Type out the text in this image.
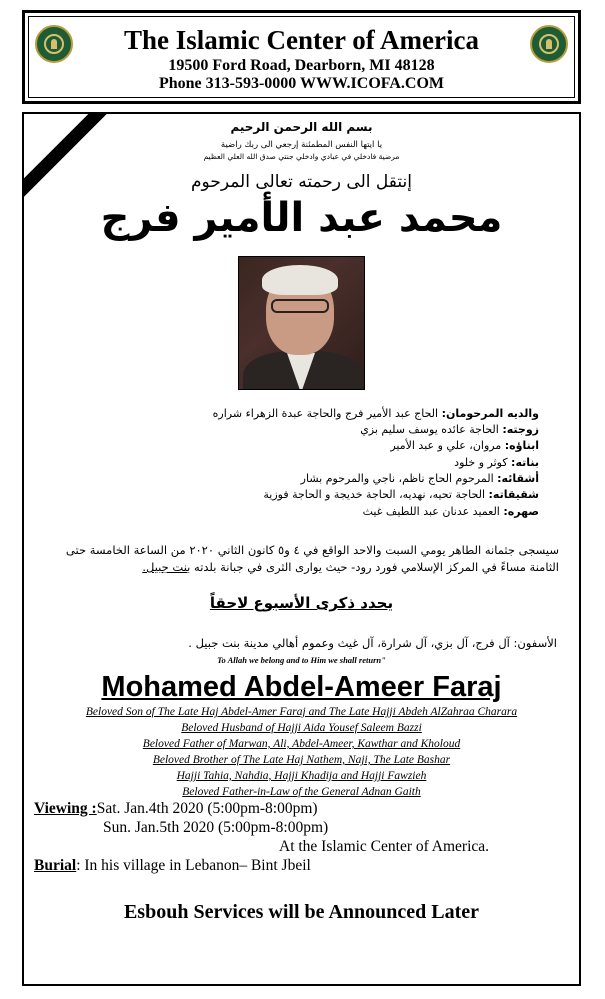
The Islamic Center of America
19500 Ford Road, Dearborn, MI 48128
Phone 313-593-0000 WWW.ICOFA.COM
بسم الله الرحمن الرحيم
يا ايتها النفس المطمئنة إرجعي الى ربك راضية
مرضية فادخلي في عبادي وادخلي جنتي صدق الله العلي العظيم
إنتقل الى رحمته تعالى المرحوم
محمد عبد الأمير فرج
والديه المرحومان: الحاج عبد الأمير فرج والحاجة عبدة الزهراء شراره
زوجته: الحاجة عائده يوسف سليم بزي
ابناؤه: مروان، علي و عبد الأمير
بناته: كوثر و خلود
أشقائه: المرحوم الحاج ناظم، ناجي والمرحوم بشار
شقيقاته: الحاجة تحيه، نهديه، الحاجة خديجة و الحاجة فوزية
صهره: العميد عدنان عبد اللطيف غيث
سيسجى جثمانه الطاهر يومي السبت والاحد الواقع في ٤ و٥ كانون الثاني ٢٠٢٠ من الساعة الخامسة حتى الثامنة مساءً في المركز الإسلامي فورد رود- حيث يوارى الثرى في جبانة بلدته بنت جبيل.
يحدد ذكرى الأسبوع لاحقاً
الأسفون: آل فرج، آل بزي، آل شرارة، آل غيث وعموم أهالي مدينة بنت جبيل .
To Allah we belong and to Him we shall return"
Mohamed Abdel-Ameer Faraj
Beloved Son of The Late Haj Abdel-Amer Faraj and The Late Hajji Abdeh AlZahraa Charara
Beloved Husband of Hajji Aida Yousef Saleem Bazzi
Beloved Father of Marwan, Ali, Abdel-Ameer, Kawthar and Kholoud
Beloved Brother of The Late Haj Nathem, Naji, The Late Bashar
Hajji Tahia, Nahdia, Hajji Khadija and Hajji Fawzieh
Beloved Father-in-Law of the General Adnan Gaith
Viewing :Sat. Jan.4th 2020 (5:00pm-8:00pm)
Sun. Jan.5th 2020 (5:00pm-8:00pm)
At the Islamic Center of America.
Burial: In his village in Lebanon– Bint Jbeil
Esbouh Services will be Announced Later
